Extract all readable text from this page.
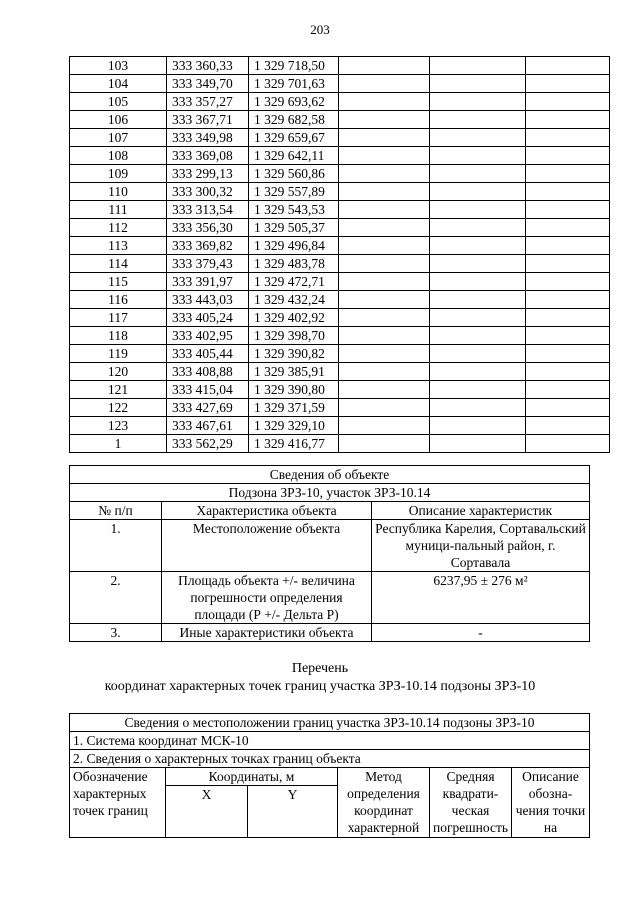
203
103	333 360,33	1 329 718,50			
104	333 349,70	1 329 701,63			
105	333 357,27	1 329 693,62			
106	333 367,71	1 329 682,58			
107	333 349,98	1 329 659,67			
108	333 369,08	1 329 642,11			
109	333 299,13	1 329 560,86			
110	333 300,32	1 329 557,89			
111	333 313,54	1 329 543,53			
112	333 356,30	1 329 505,37			
113	333 369,82	1 329 496,84			
114	333 379,43	1 329 483,78			
115	333 391,97	1 329 472,71			
116	333 443,03	1 329 432,24			
117	333 405,24	1 329 402,92			
118	333 402,95	1 329 398,70			
119	333 405,44	1 329 390,82			
120	333 408,88	1 329 385,91			
121	333 415,04	1 329 390,80			
122	333 427,69	1 329 371,59			
123	333 467,61	1 329 329,10			
1	333 562,29	1 329 416,77			
Сведения об объекте		
Подзона ЗРЗ-10, участок ЗРЗ-10.14		
№ п/п	Характеристика объекта	Описание характеристик
1.	Местоположение объекта	Республика Карелия, Сортавальский муници-пальный район, г. Сортавала
2.	Площадь объекта +/- величина погрешности определения площади (Р +/- Дельта Р)	6237,95 ± 276 м²
3.	Иные характеристики объекта	-
Перечень
координат характерных точек границ участка ЗРЗ-10.14 подзоны ЗРЗ-10
Сведения о местоположении границ участка ЗРЗ-10.14 подзоны ЗРЗ-10					
1. Система координат МСК-10					
2. Сведения о характерных точках границ объекта					
Обозначение характерных точек границ	Координаты, м		Метод определения координат характерной	Средняя квадрати-ческая погрешность	Описание обозна-чения точки на
	X	Y			
